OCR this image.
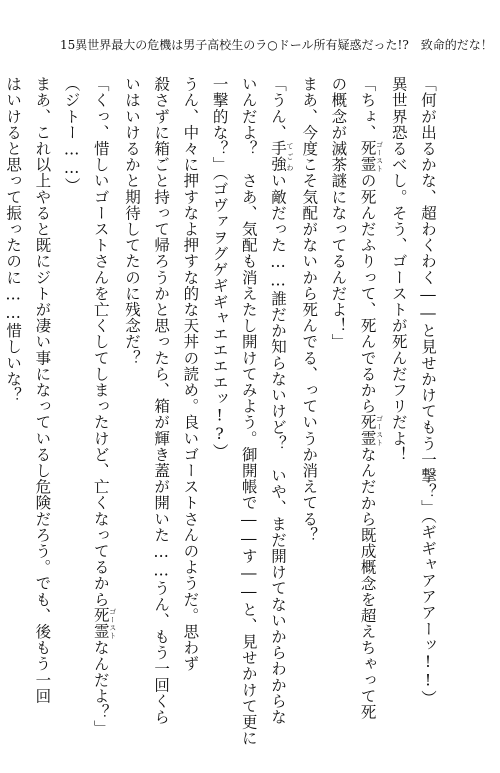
15 異世界最大の危機は男子高校生のラ○ドール所有疑惑だった!?　致命的だな！
「何が出るかな、超わくわく――と見せかけてもう一撃？」（ギギャアアアーッ!!）
異世界恐るべし。そう、ゴーストが死んだフリだよ！
「ちょ、死霊 ゴーストの死んだふりって、死んでるから死霊 ゴーストなんだから既成概念を超えちゃって死
の概念が滅茶謎になってるんだよ！」
まあ、今度こそ気配がないから死んでる、っていうか消えてる？
「うん、手強 てごわい敵だった……誰だか知らないけど？　いや、まだ開けてないからわからな
いんだよ？　さあ、気配も消えたし開けてみよう。御開帳で――す――と、見せかけて更に
一撃的な？」（ゴヴァヲグゲギギャエエエエッ!?）
うん、中々に押すなよ押すな的な天丼の読め。良いゴーストさんのようだ。思わず
殺さずに箱ごと持って帰ろうかと思ったら、箱が輝き蓋が開いた……うん、もう一回くら
いはいけるかと期待してたのに残念だ？
「くっ、惜しいゴーストさんを亡くしてしまったけど、亡くなってるから死霊 ゴーストなんだよ？」
（ジトー……）
まあ、これ以上やると既にジトが凄い事になっているし危険だろう。でも、後もう一回
はいけると思って振ったのに……惜しいな？
